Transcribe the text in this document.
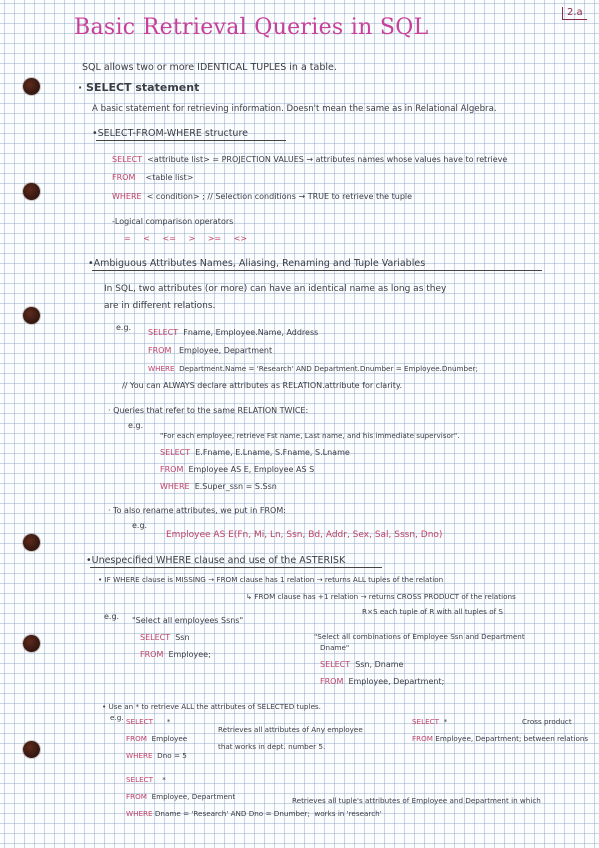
2.a
Basic Retrieval Queries in SQL
SQL allows two or more IDENTICAL TUPLES in a table.
· SELECT statement
A basic statement for retrieving information. Doesn't mean the same as in Relational Algebra.
•SELECT-FROM-WHERE structure
SELECT <attribute list> = PROJECTION VALUES → attributes names whose values have to retrieve
FROM <table list>
WHERE < condition> ; // Selection conditions → TRUE to retrieve the tuple
-Logical comparison operators
= < <= > >= <>
•Ambiguous Attributes Names, Aliasing, Renaming and Tuple Variables
In SQL, two attributes (or more) can have an identical name as long as they
are in different relations.
e.g.
SELECT Fname, Employee.Name, Address
FROM Employee, Department
WHERE Department.Name = 'Research' AND Department.Dnumber = Employee.Dnumber;
// You can ALWAYS declare attributes as RELATION.attribute for clarity.
· Queries that refer to the same RELATION TWICE:
e.g.
"For each employee, retrieve Fst name, Last name, and his immediate supervisor".
SELECT E.Fname, E.Lname, S.Fname, S.Lname
FROM Employee AS E, Employee AS S
WHERE E.Super_ssn = S.Ssn
· To also rename attributes, we put in FROM:
e.g.
Employee AS E(Fn, Mi, Ln, Ssn, Bd, Addr, Sex, Sal, Sssn, Dno)
•Unespecified WHERE clause and use of the ASTERISK
• IF WHERE clause is MISSING → FROM clause has 1 relation → returns ALL tuples of the relation
↳ FROM clause has +1 relation → returns CROSS PRODUCT of the relations
R×S each tuple of R with all tuples of S
e.g. "Select all employees Ssns"
SELECT Ssn
FROM Employee;
"Select all combinations of Employee Ssn and Department
Dname"
SELECT Ssn, Dname
FROM Employee, Department;
• Use an * to retrieve ALL the attributes of SELECTED tuples.
e.g. SELECT *
FROM Employee
WHERE Dno = 5
Retrieves all attributes of Any employee
that works in dept. number 5.
SELECT *	Cross product
FROM Employee, Department; between relations
SELECT *
FROM Employee, Department	Retrieves all tuple's attributes of Employee and Department in which
WHERE Dname = 'Research' AND Dno = Dnumber; works in 'research'
